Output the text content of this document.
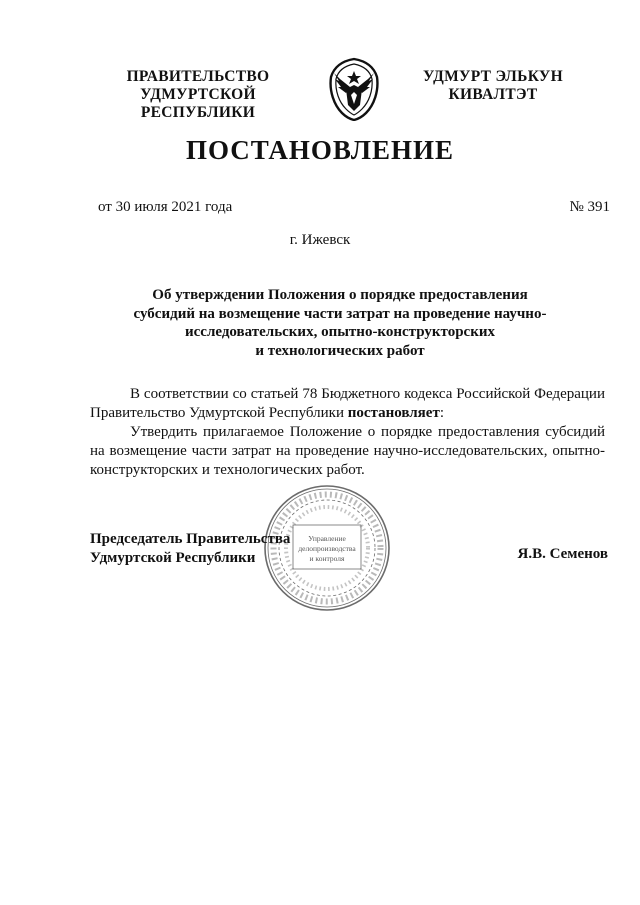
ПРАВИТЕЛЬСТВО
УДМУРТСКОЙ РЕСПУБЛИКИ
УДМУРТ ЭЛЬКУН
КИВАЛТЭТ
ПОСТАНОВЛЕНИЕ
от 30 июля 2021 года	№ 391
г. Ижевск
Об утверждении Положения о порядке предоставления
субсидий на возмещение части затрат на проведение научно-
исследовательских, опытно-конструкторских
и технологических работ

В соответствии со статьей 78 Бюджетного кодекса Российской Федерации Правительство Удмуртской Республики постановляет:

Утвердить прилагаемое Положение о порядке предоставления субсидий на возмещение части затрат на проведение научно-исследовательских, опытно-конструкторских и технологических работ.

Управление
делопроизводства
и контроля
Председатель Правительства
Удмуртской Республики	Я.В. Семенов
